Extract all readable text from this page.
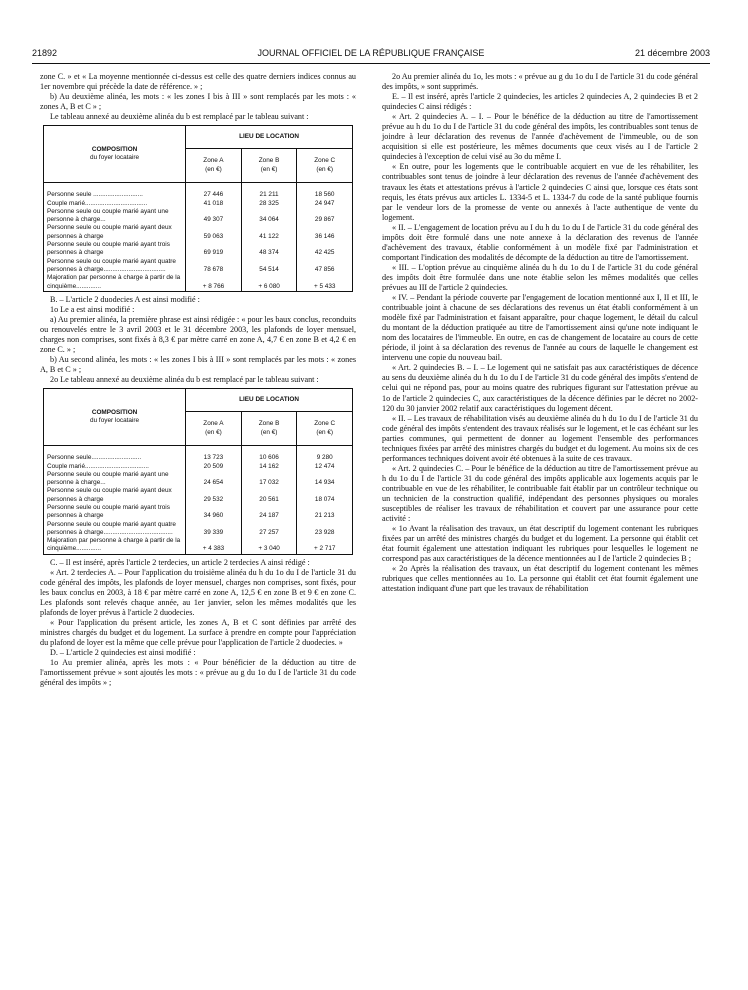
21892	JOURNAL OFFICIEL DE LA RÉPUBLIQUE FRANÇAISE	21 décembre 2003

zone C. » et « La moyenne mentionnée ci-dessus est celle des quatre derniers indices connus au 1er novembre qui précède la date de référence. » ;

b) Au deuxième alinéa, les mots : « les zones I bis à III » sont remplacés par les mots : « zones A, B et C » ;

Le tableau annexé au deuxième alinéa du b est remplacé par le tableau suivant :

COMPOSITION
du foyer locataire	LIEU DE LOCATION		
	Zone A
(en €)	Zone B
(en €)	Zone C
(en €)

Personne seule ............................	27 446	21 211	18 560
Couple marié...................................	41 018	28 325	24 947
Personne seule ou couple marié ayant une personne à charge...	49 307	34 064	29 867
Personne seule ou couple marié ayant deux personnes à charge	59 063	41 122	36 146
Personne seule ou couple marié ayant trois personnes à charge	69 919	48 374	42 425
Personne seule ou couple marié ayant quatre personnes à charge...................................	78 678	54 514	47 856
Majoration par personne à charge à partir de la cinquième..............	+ 8 766	+ 6 080	+ 5 433

B. – L'article 2 duodecies A est ainsi modifié :

1o Le a est ainsi modifié :

a) Au premier alinéa, la première phrase est ainsi rédigée : « pour les baux conclus, reconduits ou renouvelés entre le 3 avril 2003 et le 31 décembre 2003, les plafonds de loyer mensuel, charges non comprises, sont fixés à 8,3 € par mètre carré en zone A, 4,7 € en zone B et 4,2 € en zone C. » ;

b) Au second alinéa, les mots : « les zones I bis à III » sont remplacés par les mots : « zones A, B et C » ;

2o Le tableau annexé au deuxième alinéa du b est remplacé par le tableau suivant :

COMPOSITION
du foyer locataire	LIEU DE LOCATION		
	Zone A
(en €)	Zone B
(en €)	Zone C
(en €)

Personne seule............................	13 723	10 606	9 280
Couple marié....................................	20 509	14 162	12 474
Personne seule ou couple marié ayant une personne à charge...	24 654	17 032	14 934
Personne seule ou couple marié ayant deux personnes à charge	29 532	20 561	18 074
Personne seule ou couple marié ayant trois personnes à charge	34 960	24 187	21 213
Personne seule ou couple marié ayant quatre personnes à charge.......................................	39 339	27 257	23 928
Majoration par personne à charge à partir de la cinquième..............	+ 4 383	+ 3 040	+ 2 717

C. – Il est inséré, après l'article 2 terdecies, un article 2 terdecies A ainsi rédigé :

« Art. 2 terdecies A. – Pour l'application du troisième alinéa du h du 1o du I de l'article 31 du code général des impôts, les plafonds de loyer mensuel, charges non comprises, sont fixés, pour les baux conclus en 2003, à 18 € par mètre carré en zone A, 12,5 € en zone B et 9 € en zone C. Les plafonds sont relevés chaque année, au 1er janvier, selon les mêmes modalités que les plafonds de loyer prévus à l'article 2 duodecies.

« Pour l'application du présent article, les zones A, B et C sont définies par arrêté des ministres chargés du budget et du logement. La surface à prendre en compte pour l'appréciation du plafond de loyer est la même que celle prévue pour l'application de l'article 2 duodecies. »

D. – L'article 2 quindecies est ainsi modifié :

1o Au premier alinéa, après les mots : « Pour bénéficier de la déduction au titre de l'amortissement prévue » sont ajoutés les mots : « prévue au g du 1o du I de l'article 31 du code général des impôts » ;

2o Au premier alinéa du 1o, les mots : « prévue au g du 1o du I de l'article 31 du code général des impôts, » sont supprimés.

E. – Il est inséré, après l'article 2 quindecies, les articles 2 quindecies A, 2 quindecies B et 2 quindecies C ainsi rédigés :

« Art. 2 quindecies A. – I. – Pour le bénéfice de la déduction au titre de l'amortissement prévue au h du 1o du I de l'article 31 du code général des impôts, les contribuables sont tenus de joindre à leur déclaration des revenus de l'année d'achèvement de l'immeuble, ou de son acquisition si elle est postérieure, les mêmes documents que ceux visés au I de l'article 2 quindecies à l'exception de celui visé au 3o du même I.

« En outre, pour les logements que le contribuable acquiert en vue de les réhabiliter, les contribuables sont tenus de joindre à leur déclaration des revenus de l'année d'achèvement des travaux les états et attestations prévus à l'article 2 quindecies C ainsi que, lorsque ces états sont requis, les états prévus aux articles L. 1334-5 et L. 1334-7 du code de la santé publique fournis par le vendeur lors de la promesse de vente ou annexés à l'acte authentique de vente du logement.

« II. – L'engagement de location prévu au I du h du 1o du I de l'article 31 du code général des impôts doit être formulé dans une note annexe à la déclaration des revenus de l'année d'achèvement des travaux, établie conformément à un modèle fixé par l'administration et comportant l'indication des modalités de décompte de la déduction au titre de l'amortissement.

« III. – L'option prévue au cinquième alinéa du h du 1o du I de l'article 31 du code général des impôts doit être formulée dans une note établie selon les mêmes modalités que celles prévues au III de l'article 2 quindecies.

« IV. – Pendant la période couverte par l'engagement de location mentionné aux I, II et III, le contribuable joint à chacune de ses déclarations des revenus un état établi conformément à un modèle fixé par l'administration et faisant apparaître, pour chaque logement, le détail du calcul du montant de la déduction pratiquée au titre de l'amortissement ainsi qu'une note indiquant le nom des locataires de l'immeuble. En outre, en cas de changement de locataire au cours de cette période, il joint à sa déclaration des revenus de l'année au cours de laquelle le changement est intervenu une copie du nouveau bail.

« Art. 2 quindecies B. – I. – Le logement qui ne satisfait pas aux caractéristiques de décence au sens du deuxième alinéa du h du 1o du I de l'article 31 du code général des impôts s'entend de celui qui ne répond pas, pour au moins quatre des rubriques figurant sur l'attestation prévue au 1o de l'article 2 quindecies C, aux caractéristiques de la décence définies par le décret no 2002-120 du 30 janvier 2002 relatif aux caractéristiques du logement décent.

« II. – Les travaux de réhabilitation visés au deuxième alinéa du h du 1o du I de l'article 31 du code général des impôts s'entendent des travaux réalisés sur le logement, et le cas échéant sur les parties communes, qui permettent de donner au logement l'ensemble des performances techniques fixées par arrêté des ministres chargés du budget et du logement. Au moins six de ces performances techniques doivent avoir été obtenues à la suite de ces travaux.

« Art. 2 quindecies C. – Pour le bénéfice de la déduction au titre de l'amortissement prévue au h du 1o du I de l'article 31 du code général des impôts applicable aux logements acquis par le contribuable en vue de les réhabiliter, le contribuable fait établir par un contrôleur technique ou un technicien de la construction qualifié, indépendant des personnes physiques ou morales susceptibles de réaliser les travaux de réhabilitation et couvert par une assurance pour cette activité :

« 1o Avant la réalisation des travaux, un état descriptif du logement contenant les rubriques fixées par un arrêté des ministres chargés du budget et du logement. La personne qui établit cet état fournit également une attestation indiquant les rubriques pour lesquelles le logement ne correspond pas aux caractéristiques de la décence mentionnées au I de l'article 2 quindecies B ;

« 2o Après la réalisation des travaux, un état descriptif du logement contenant les mêmes rubriques que celles mentionnées au 1o. La personne qui établit cet état fournit également une attestation indiquant d'une part que les travaux de réhabilitation
